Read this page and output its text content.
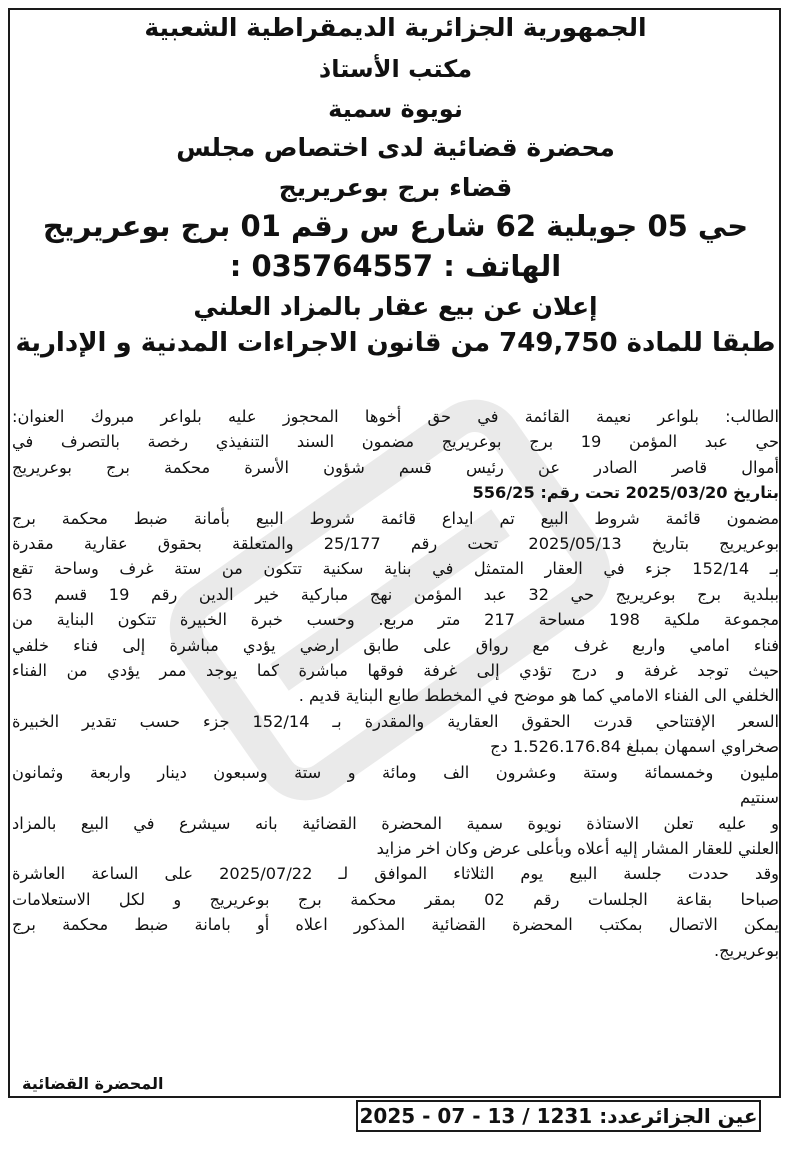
الجمهورية الجزائرية الديمقراطية الشعبية

مكتب الأستاذ

نويوة سمية

محضرة قضائية لدى اختصاص مجلس

قضاء برج بوعريريج

حي 05 جويلية 62 شارع س رقم 01 برج بوعريريج

الهاتف : 035764557 :

إعلان عن بيع عقار بالمزاد العلني

طبقا للمادة 749,750 من قانون الاجراءات المدنية و الإدارية

الطالب: بلواعر نعيمة القائمة في حق أخوها المحجوز عليه بلواعر مبروك العنوان:

حي عبد المؤمن 19 برج بوعريريج مضمون السند التنفيذي رخصة بالتصرف في

أموال قاصر الصادر عن رئيس قسم شؤون الأسرة محكمة برج بوعريريج

بتاريخ 2025/03/20 تحت رقم: 556/25

مضمون قائمة شروط البيع تم ايداع قائمة شروط البيع بأمانة ضبط محكمة برج

بوعريريج بتاريخ 2025/05/13 تحت رقم 25/177 والمتعلقة بحقوق عقارية مقدرة

بـ 152/14 جزء في العقار المتمثل في بناية سكنية تتكون من ستة غرف وساحة تقع

ببلدية برج بوعريريج حي 32 عبد المؤمن نهج مباركية خير الدين رقم 19 قسم 63

مجموعة ملكية 198 مساحة 217 متر مربع. وحسب خبرة الخبيرة تتكون البناية من

فناء امامي واربع غرف مع رواق على طابق ارضي يؤدي مباشرة إلى فناء خلفي

حيث توجد غرفة و درج تؤدي إلى غرفة فوقها مباشرة كما يوجد ممر يؤدي من الفناء

الخلفي الى الفناء الامامي كما هو موضح في المخطط طابع البناية قديم .

السعر الإفتتاحي قدرت الحقوق العقارية والمقدرة بـ 152/14 جزء حسب تقدير الخبيرة

صخراوي اسمهان بمبلغ 1.526.176.84 دج

مليون وخمسمائة وستة وعشرون الف ومائة و ستة وسبعون دينار واربعة وثمانون

سنتيم

و عليه تعلن الاستاذة نويوة سمية المحضرة القضائية بانه سيشرع في البيع بالمزاد

العلني للعقار المشار إليه أعلاه وبأعلى عرض وكان اخر مزايد

وقد حددت جلسة البيع يوم الثلاثاء الموافق لـ 2025/07/22 على الساعة العاشرة

صباحا بقاعة الجلسات رقم 02 بمقر محكمة برج بوعريريج و لكل الاستعلامات

يمكن الاتصال بمكتب المحضرة القضائية المذكور اعلاه أو بامانة ضبط محكمة برج

بوعريريج.

المحضرة القضائية
عين الجزائرعدد: 1231 / 13 - 07 - 2025
